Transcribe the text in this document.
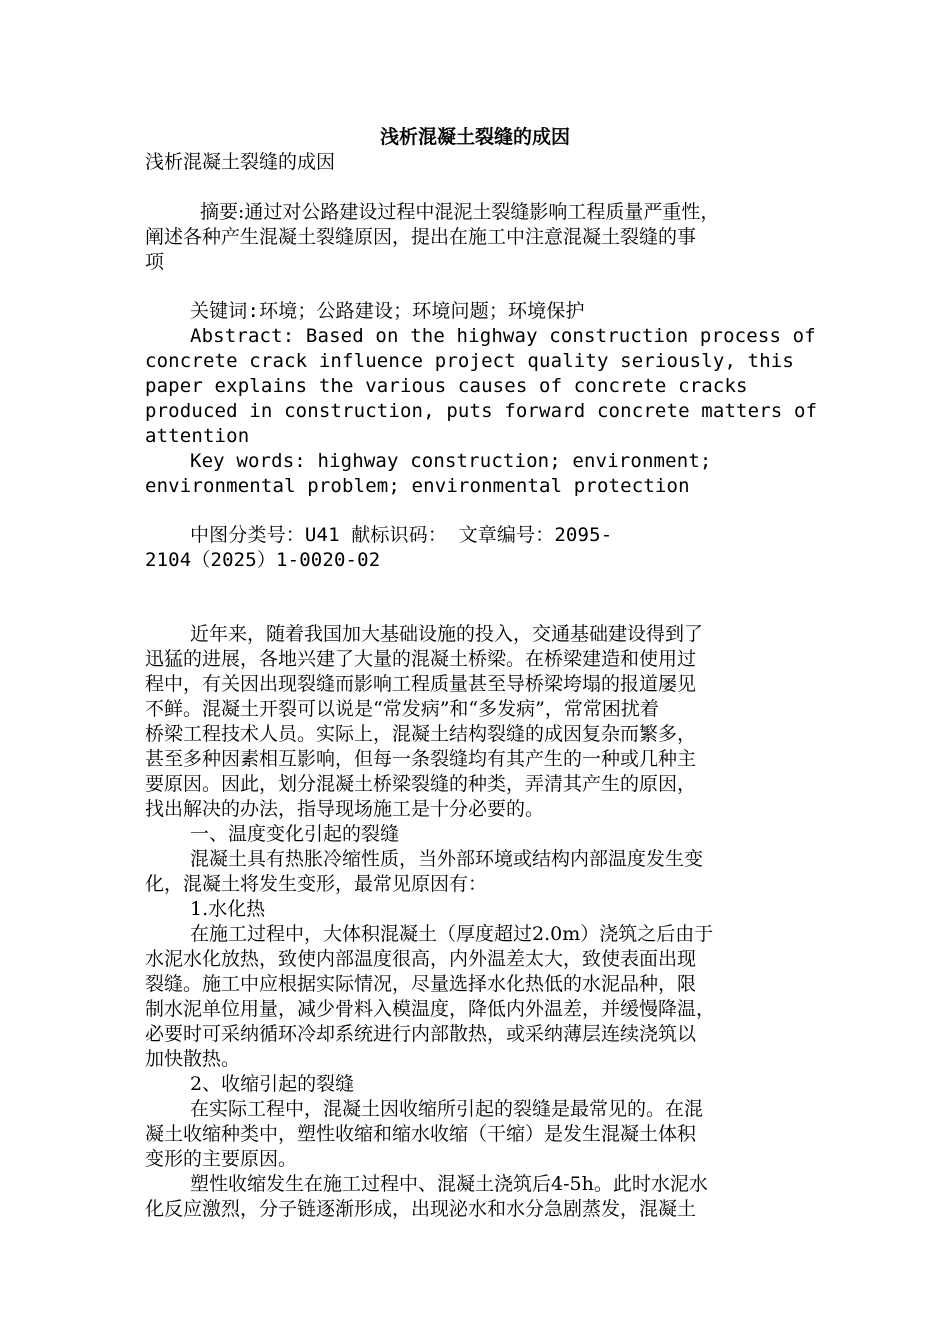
浅析混凝土裂缝的成因
浅析混凝土裂缝的成因
摘要:通过对公路建设过程中混泥土裂缝影响工程质量严重性，
阐述各种产生混凝土裂缝原因，提出在施工中注意混凝土裂缝的事
项
关键词:环境；公路建设；环境问题；环境保护
Abstract: Based on the highway construction process of
concrete crack influence project quality seriously, this
paper explains the various causes of concrete cracks
produced in construction, puts forward concrete matters of
attention
Key words: highway construction; environment;
environmental problem; environmental protection
中图分类号：U41 献标识码： 文章编号：2095-
2104（2025）1-0020-02
近年来，随着我国加大基础设施的投入，交通基础建设得到了
迅猛的进展，各地兴建了大量的混凝土桥梁。在桥梁建造和使用过
程中，有关因出现裂缝而影响工程质量甚至导桥梁垮塌的报道屡见
不鲜。混凝土开裂可以说是“常发病”和“多发病”，常常困扰着
桥梁工程技术人员。实际上，混凝土结构裂缝的成因复杂而繁多，
甚至多种因素相互影响，但每一条裂缝均有其产生的一种或几种主
要原因。因此，划分混凝土桥梁裂缝的种类，弄清其产生的原因，
找出解决的办法，指导现场施工是十分必要的。
一、温度变化引起的裂缝
混凝土具有热胀冷缩性质，当外部环境或结构内部温度发生变
化，混凝土将发生变形，最常见原因有：
1.水化热
在施工过程中，大体积混凝土（厚度超过2.0m）浇筑之后由于
水泥水化放热，致使内部温度很高，内外温差太大，致使表面出现
裂缝。施工中应根据实际情况，尽量选择水化热低的水泥品种，限
制水泥单位用量，减少骨料入模温度，降低内外温差，并缓慢降温，
必要时可采纳循环冷却系统进行内部散热，或采纳薄层连续浇筑以
加快散热。
2、收缩引起的裂缝
在实际工程中，混凝土因收缩所引起的裂缝是最常见的。在混
凝土收缩种类中，塑性收缩和缩水收缩（干缩）是发生混凝土体积
变形的主要原因。
塑性收缩发生在施工过程中、混凝土浇筑后4-5h。此时水泥水
化反应激烈，分子链逐渐形成，出现泌水和水分急剧蒸发，混凝土
